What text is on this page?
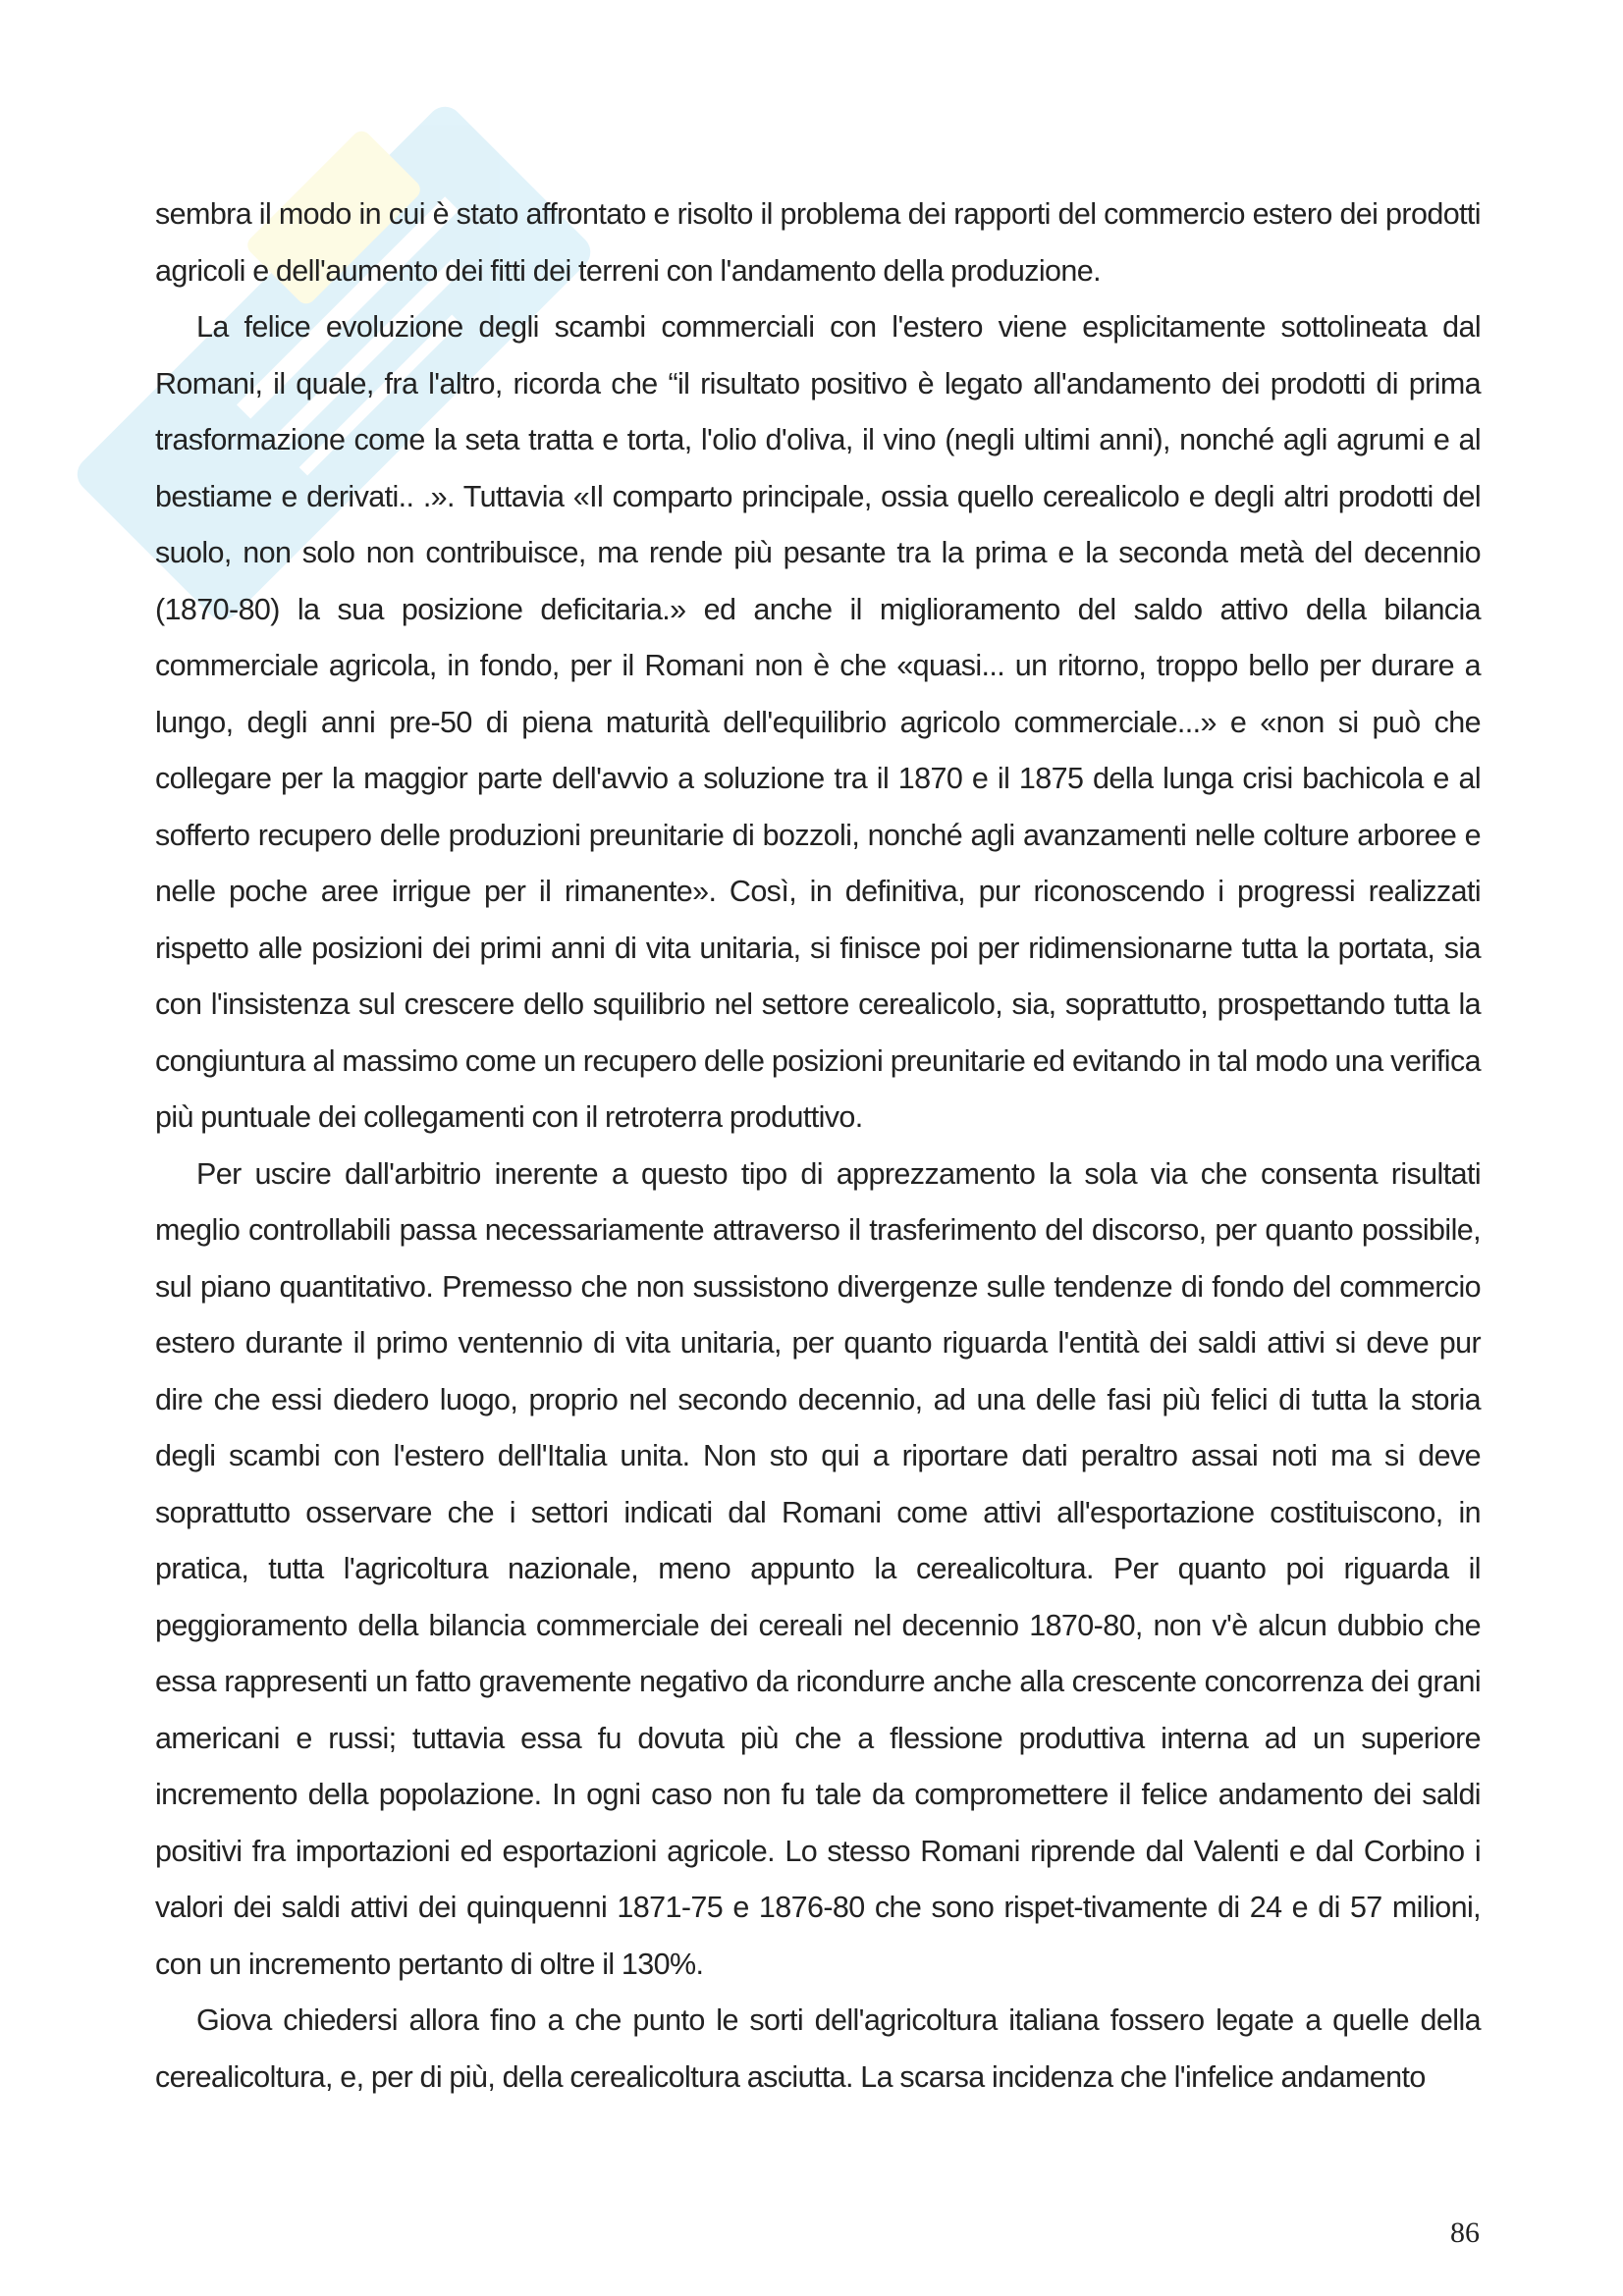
sembra il modo in cui è stato affrontato e risolto il problema dei rapporti del commercio estero dei prodotti agricoli e dell'aumento dei fitti dei terreni con l'andamento della produzione.

La felice evoluzione degli scambi commerciali con l'estero viene esplicitamente sottolineata dal Romani, il quale, fra l'altro, ricorda che “il risultato positivo è legato all'andamento dei prodotti di prima trasformazione come la seta tratta e torta, l'olio d'oliva, il vino (negli ultimi anni), nonché agli agrumi e al bestiame e derivati.. .». Tuttavia «Il comparto principale, ossia quello cerealicolo e degli altri prodotti del suolo, non solo non contribuisce, ma rende più pesante tra la prima e la seconda metà del decennio (1870-80) la sua posizione deficitaria.» ed anche il miglioramento del saldo attivo della bilancia commerciale agricola, in fondo, per il Romani non è che «quasi... un ritorno, troppo bello per durare a lungo, degli anni pre-50 di piena maturità dell'equilibrio agricolo commerciale...» e «non si può che collegare per la maggior parte dell'avvio a soluzione tra il 1870 e il 1875 della lunga crisi bachicola e al sofferto recupero delle produzioni preunitarie di bozzoli, nonché agli avanzamenti nelle colture arboree e nelle poche aree irrigue per il rimanente». Così, in definitiva, pur riconoscendo i progressi realizzati rispetto alle posizioni dei primi anni di vita unitaria, si finisce poi per ridimensionarne tutta la portata, sia con l'insistenza sul crescere dello squilibrio nel settore cerealicolo, sia, soprattutto, prospettando tutta la congiuntura al massimo come un recupero delle posizioni preunitarie ed evitando in tal modo una verifica più puntuale dei collegamenti con il retroterra produttivo.

Per uscire dall'arbitrio inerente a questo tipo di apprezzamento la sola via che consenta risultati meglio controllabili passa necessariamente attraverso il trasferimento del discorso, per quanto possibile, sul piano quantitativo. Premesso che non sussistono divergenze sulle tendenze di fondo del commercio estero durante il primo ventennio di vita unitaria, per quanto riguarda l'entità dei saldi attivi si deve pur dire che essi diedero luogo, proprio nel secondo decennio, ad una delle fasi più felici di tutta la storia degli scambi con l'estero dell'Italia unita. Non sto qui a riportare dati peraltro assai noti ma si deve soprattutto osservare che i settori indicati dal Romani come attivi all'esportazione costituiscono, in pratica, tutta l'agricoltura nazionale, meno appunto la cerealicoltura. Per quanto poi riguarda il peggioramento della bilancia commerciale dei cereali nel decennio 1870-80, non v'è alcun dubbio che essa rappresenti un fatto gravemente negativo da ricondurre anche alla crescente concorrenza dei grani americani e russi; tuttavia essa fu dovuta più che a flessione produttiva interna ad un superiore incremento della popolazione. In ogni caso non fu tale da compromettere il felice andamento dei saldi positivi fra importazioni ed esportazioni agricole. Lo stesso Romani riprende dal Valenti e dal Corbino i valori dei saldi attivi dei quinquenni 1871-75 e 1876-80 che sono rispet-tivamente di 24 e di 57 milioni, con un incremento pertanto di oltre il 130%.

Giova chiedersi allora fino a che punto le sorti dell'agricoltura italiana fossero legate a quelle della cerealicoltura, e, per di più, della cerealicoltura asciutta. La scarsa incidenza che l'infelice andamento

86
